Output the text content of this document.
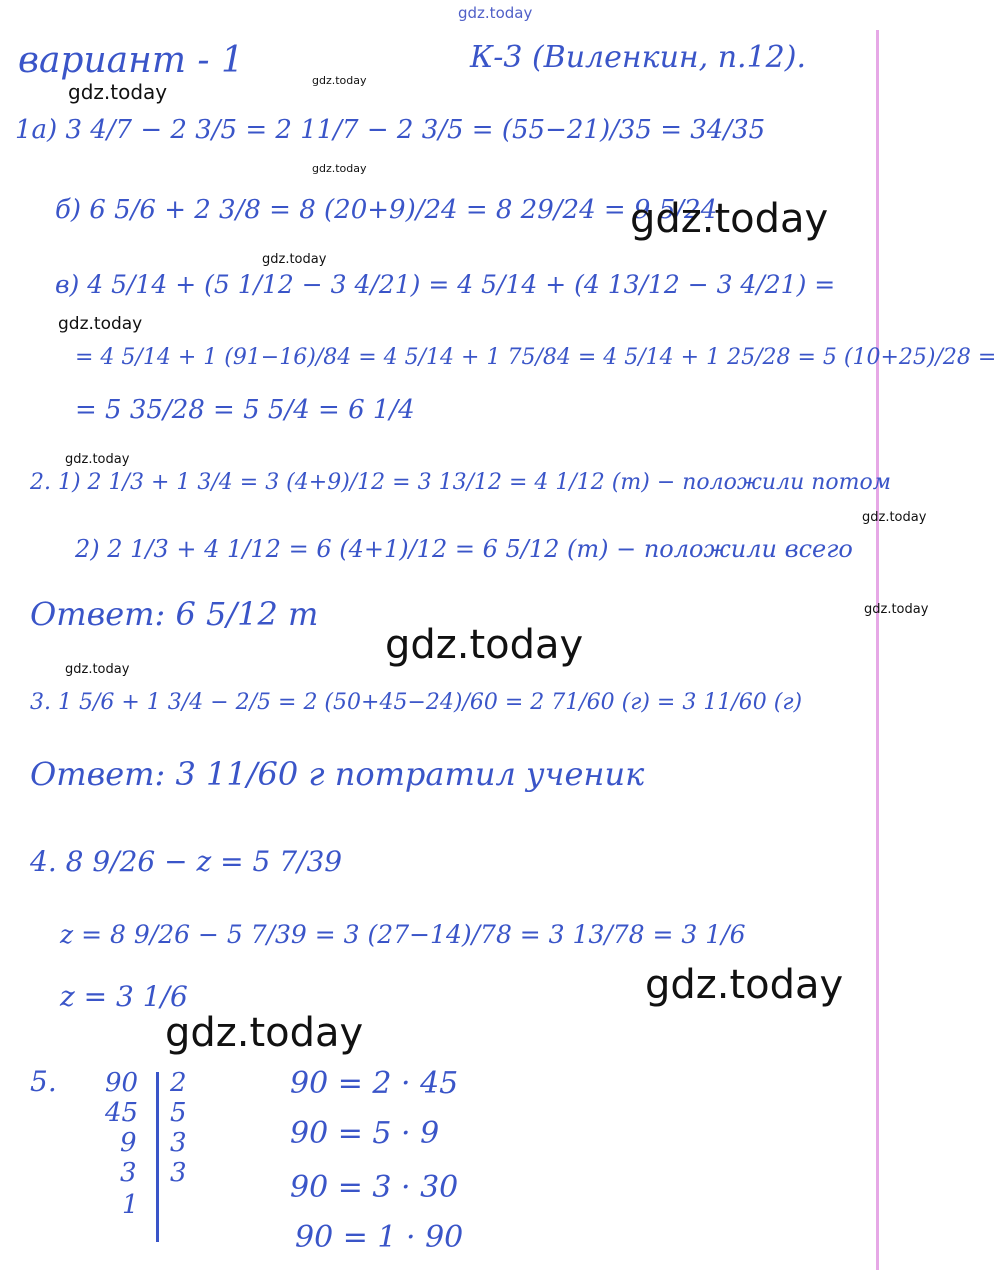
вариант - 1	К-3 (Виленкин, п.12).
1а) 3 4/7 − 2 3/5 = 2 11/7 − 2 3/5 = (55−21)/35 = 34/35
б) 6 5/6 + 2 3/8 = 8 (20+9)/24 = 8 29/24 = 9 5/24
в) 4 5/14 + (5 1/12 − 3 4/21) = 4 5/14 + (4 13/12 − 3 4/21) =
= 4 5/14 + 1 (91−16)/84 = 4 5/14 + 1 75/84 = 4 5/14 + 1 25/28 = 5 (10+25)/28 =
= 5 35/28 = 5 5/4 = 6 1/4
2. 1) 2 1/3 + 1 3/4 = 3 (4+9)/12 = 3 13/12 = 4 1/12 (т) − положили потом
2) 2 1/3 + 4 1/12 = 6 (4+1)/12 = 6 5/12 (т) − положили всего
Ответ: 6 5/12 т
3. 1 5/6 + 1 3/4 − 2/5 = 2 (50+45−24)/60 = 2 71/60 (г) = 3 11/60 (г)
Ответ: 3 11/60 г потратил ученик
4. 8 9/26 − z = 5 7/39
z = 8 9/26 − 5 7/39 = 3 (27−14)/78 = 3 13/78 = 3 1/6
z = 3 1/6
5. 90
45
9
3
1
2
5
3
3
90 = 2 · 45
90 = 5 · 9
90 = 3 · 30
90 = 1 · 90
gdz.today
gdz.today
gdz.today
gdz.today
gdz.today
gdz.today
gdz.today
gdz.today
gdz.today
gdz.today
gdz.today
gdz.today
gdz.today
gdz.today
